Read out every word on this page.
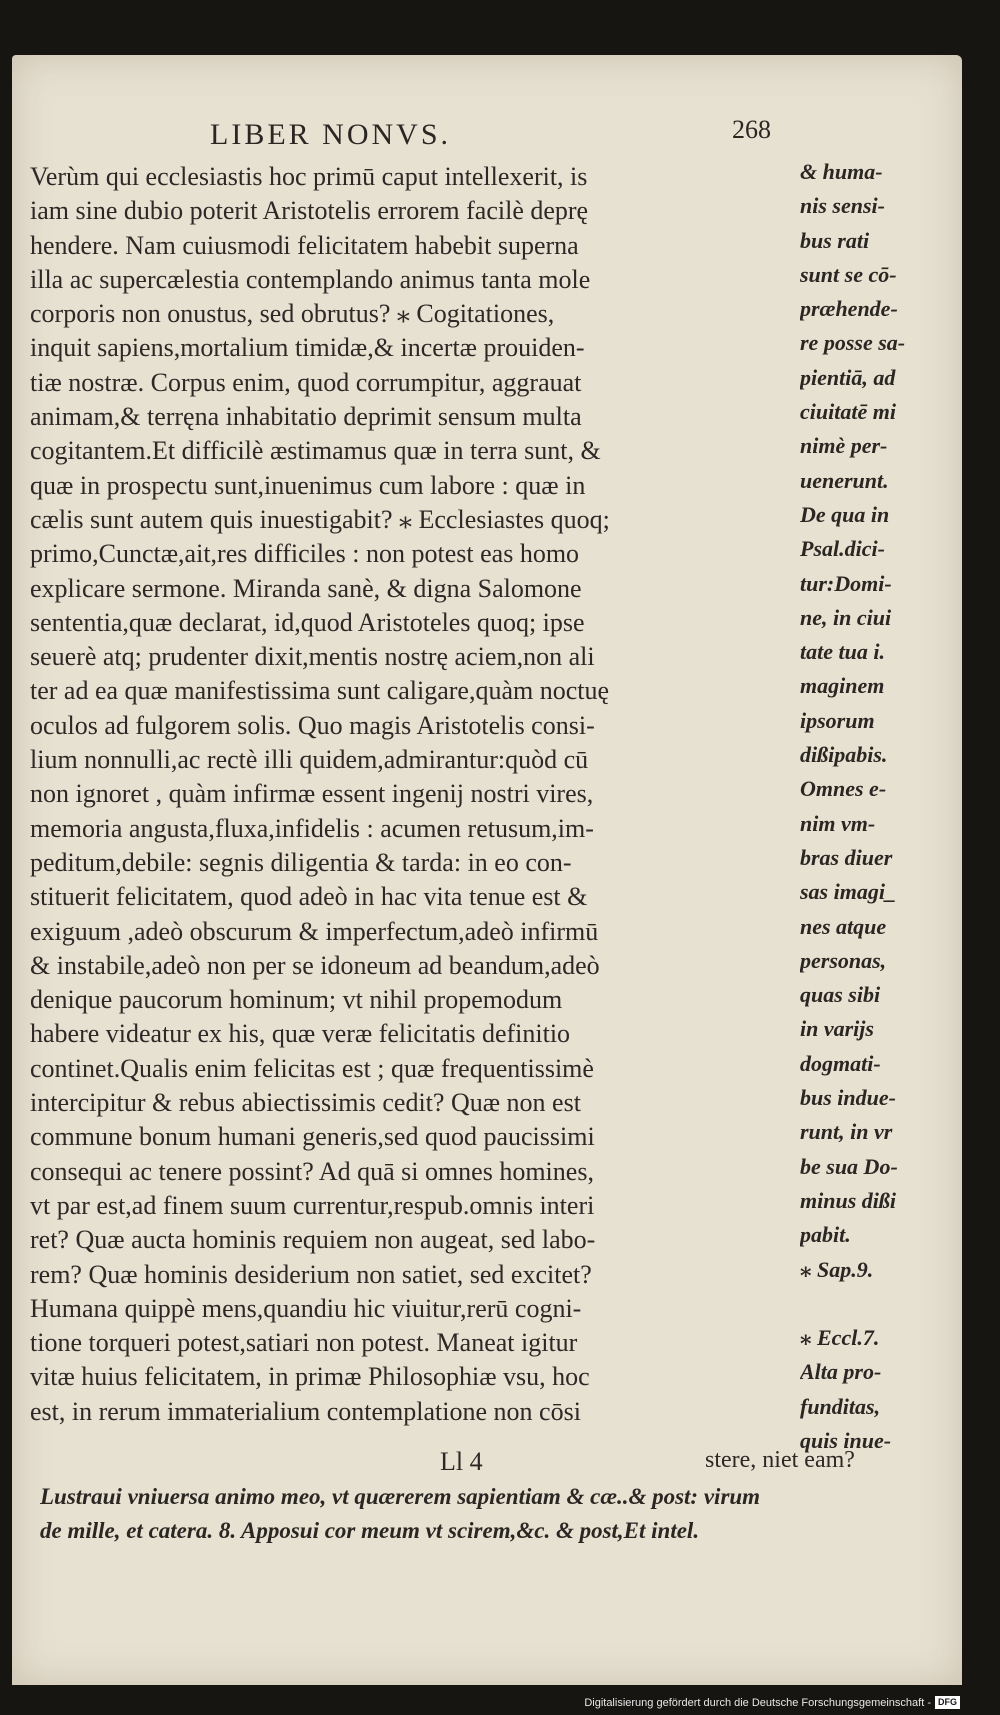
LIBER NONVS.	268
Verùm qui ecclesiastis hoc primū caput intellexerit, is
iam sine dubio poterit Aristotelis errorem facilè deprę
hendere. Nam cuiusmodi felicitatem habebit superna
illa ac supercælestia contemplando animus tanta mole
corporis non onustus, sed obrutus? ⁎ Cogitationes,
inquit sapiens,mortalium timidæ,& incertæ prouiden-
tiæ nostræ. Corpus enim, quod corrumpitur, aggrauat
animam,& terręna inhabitatio deprimit sensum multa
cogitantem.Et difficilè æstimamus quæ in terra sunt, &
quæ in prospectu sunt,inuenimus cum labore : quæ in
cælis sunt autem quis inuestigabit? ⁎ Ecclesiastes quoq;
primo,Cunctæ,ait,res difficiles : non potest eas homo
explicare sermone. Miranda sanè, & digna Salomone
sententia,quæ declarat, id,quod Aristoteles quoq; ipse
seuerè atq; prudenter dixit,mentis nostrę aciem,non ali
ter ad ea quæ manifestissima sunt caligare,quàm noctuę
oculos ad fulgorem solis. Quo magis Aristotelis consi-
lium nonnulli,ac rectè illi quidem,admirantur:quòd cū
non ignoret , quàm infirmæ essent ingenij nostri vires,
memoria angusta,fluxa,infidelis : acumen retusum,im-
peditum,debile: segnis diligentia & tarda: in eo con-
stituerit felicitatem, quod adeò in hac vita tenue est &
exiguum ,adeò obscurum & imperfectum,adeò infirmū
& instabile,adeò non per se idoneum ad beandum,adeò
denique paucorum hominum; vt nihil propemodum
habere videatur ex his, quæ veræ felicitatis definitio
continet.Qualis enim felicitas est ; quæ frequentissimè
intercipitur & rebus abiectissimis cedit? Quæ non est
commune bonum humani generis,sed quod paucissimi
consequi ac tenere possint? Ad quā si omnes homines,
vt par est,ad finem suum currentur,respub.omnis interi
ret? Quæ aucta hominis requiem non augeat, sed labo-
rem? Quæ hominis desiderium non satiet, sed excitet?
Humana quippè mens,quandiu hic viuitur,rerū cogni-
tione torqueri potest,satiari non potest. Maneat igitur
vitæ huius felicitatem, in primæ Philosophiæ vsu, hoc
est, in rerum immaterialium contemplatione non cōsi
& huma-
nis sensi-
bus rati
sunt se cō-
præhende-
re posse sa-
pientiā, ad
ciuitatē mi
nimè per-
uenerunt.
De qua in
Psal.dici-
tur:Domi-
ne, in ciui
tate tua i.
maginem
ipsorum
dißipabis.
Omnes e-
nim vm-
bras diuer
sas imagi_
nes atque
personas,
quas sibi
in varijs
dogmati-
bus indue-
runt, in vr
be sua Do-
minus dißi
pabit.
⁎ Sap.9.
⁎ Eccl.7.
Alta pro-
funditas,
quis inue-
Ll 4	stere, niet eam?
Lustraui vniuersa animo meo, vt quærerem sapientiam & cæ..& post: virum
de mille, et catera. 8. Apposui cor meum vt scirem,&c. & post,Et intel.
Digitalisierung gefördert durch die Deutsche Forschungsgemeinschaft - DFG
